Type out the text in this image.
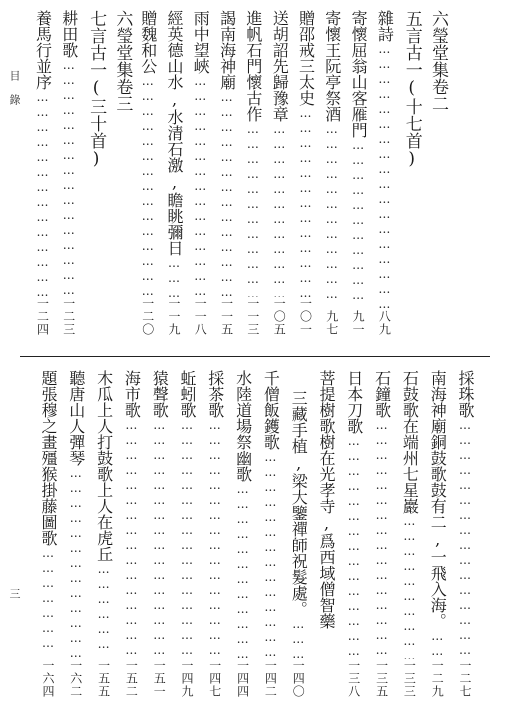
目 錄	六瑩堂集卷二
五言古一(十七首)
雜詩
………………………………………………………………………………………………………………………
八九
寄懷屈翁山客雁門
………………………………………………………………………………………………………………………
九一
寄懷王阮亭祭酒
………………………………………………………………………………………………………………………
九七
贈邵戒三太史
………………………………………………………………………………………………………………………
一〇一
送胡詔先歸豫章
………………………………………………………………………………………………………………………
一〇五
進帆石門懷古作
………………………………………………………………………………………………………………………
一一三
謁南海神廟
………………………………………………………………………………………………………………………
一一五
雨中望峽
………………………………………………………………………………………………………………………
一一八
經英德山水,水清石激,瞻眺彌日
………………………………………………………………………………………………………………………
一一九
贈魏和公
………………………………………………………………………………………………………………………
一二〇
六瑩堂集卷三
七言古一(三十首)
耕田歌
………………………………………………………………………………………………………………………
一二三
養馬行並序
………………………………………………………………………………………………………………………
一二四
採珠歌
………………………………………………………………………………………………………………………
一二七
南海神廟銅鼓歌鼓有二,一飛入海。
………………………………………………………………………………………………………………………
一二九
石鼓歌在端州七星巖
………………………………………………………………………………………………………………………
一三三
石鐘歌
………………………………………………………………………………………………………………………
一三五
日本刀歌
………………………………………………………………………………………………………………………
一三八
菩提樹歌樹在光孝寺,爲西域僧智藥
三藏手植,梁大鑒禪師祝髮處。
………………………………………………………………………………………………………………………
一四〇
千僧飯鑊歌
………………………………………………………………………………………………………………………
一四二
水陸道場祭幽歌
………………………………………………………………………………………………………………………
一四四
採茶歌
………………………………………………………………………………………………………………………
一四七
蚯蚓歌
………………………………………………………………………………………………………………………
一四九
猿聲歌
………………………………………………………………………………………………………………………
一五一
海市歌
………………………………………………………………………………………………………………………
一五二
木瓜上人打鼓歌上人在虎丘
………………………………………………………………………………………………………………………
一五五
聽唐山人彈琴
………………………………………………………………………………………………………………………
一六二
題張穆之畫殭猴掛藤圖歌
………………………………………………………………………………………………………………………
一六四
三
